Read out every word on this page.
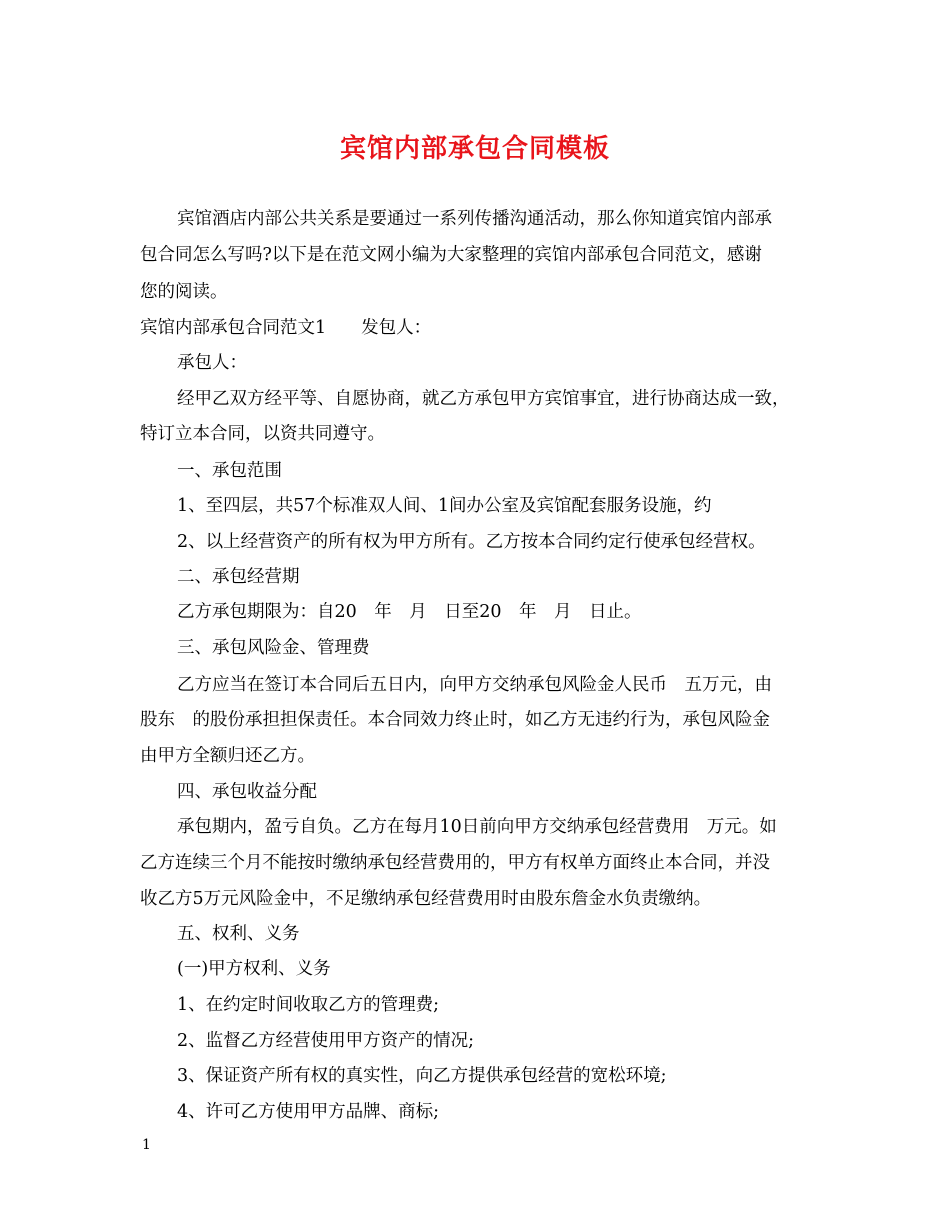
宾馆内部承包合同模板
宾馆酒店内部公共关系是要通过一系列传播沟通活动，那么你知道宾馆内部承
包合同怎么写吗?以下是在范文网小编为大家整理的宾馆内部承包合同范文，感谢
您的阅读。
宾馆内部承包合同范文1　　发包人：
承包人：
经甲乙双方经平等、自愿协商，就乙方承包甲方宾馆事宜，进行协商达成一致，
特订立本合同，以资共同遵守。
一、承包范围
1、至四层，共57个标准双人间、1间办公室及宾馆配套服务设施，约
2、以上经营资产的所有权为甲方所有。乙方按本合同约定行使承包经营权。
二、承包经营期
乙方承包期限为：自20　年　月　日至20　年　月　日止。
三、承包风险金、管理费
乙方应当在签订本合同后五日内，向甲方交纳承包风险金人民币　五万元，由
股东　的股份承担担保责任。本合同效力终止时，如乙方无违约行为，承包风险金
由甲方全额归还乙方。
四、承包收益分配
承包期内，盈亏自负。乙方在每月10日前向甲方交纳承包经营费用　万元。如
乙方连续三个月不能按时缴纳承包经营费用的，甲方有权单方面终止本合同，并没
收乙方5万元风险金中，不足缴纳承包经营费用时由股东詹金水负责缴纳。
五、权利、义务
(一)甲方权利、义务
1、在约定时间收取乙方的管理费;
2、监督乙方经营使用甲方资产的情况;
3、保证资产所有权的真实性，向乙方提供承包经营的宽松环境;
4、许可乙方使用甲方品牌、商标;
1
